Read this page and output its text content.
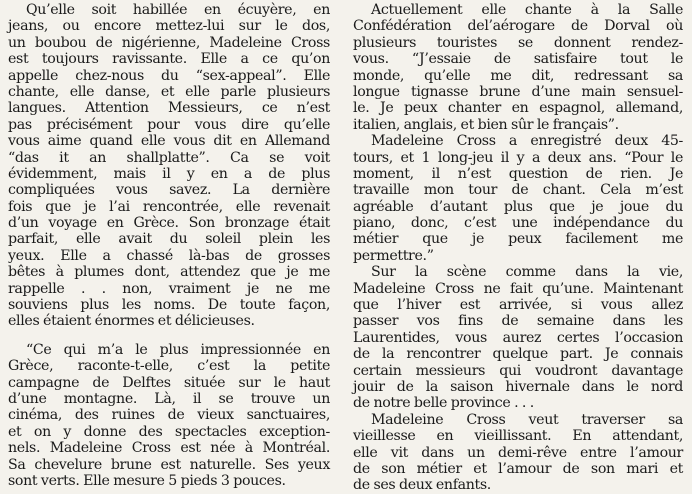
Qu’elle soit habillée en écuyère, en
jeans, ou encore mettez-lui sur le dos,
un boubou de nigérienne, Madeleine Cross
est toujours ravissante. Elle a ce qu’on
appelle chez-nous du “sex-appeal”. Elle
chante, elle danse, et elle parle plusieurs
langues. Attention Messieurs, ce n’est
pas précisément pour vous dire qu’elle
vous aime quand elle vous dit en Allemand
“das it an shallplatte”. Ca se voit
évidemment, mais il y en a de plus
compliquées vous savez. La dernière
fois que je l’ai rencontrée, elle revenait
d’un voyage en Grèce. Son bronzage était
parfait, elle avait du soleil plein les
yeux. Elle a chassé là-bas de grosses
bêtes à plumes dont, attendez que je me
rappelle . . non, vraiment je ne me
souviens plus les noms. De toute façon,
elles étaient énormes et délicieuses.
“Ce qui m’a le plus impressionnée en
Grèce, raconte-t-elle, c’est la petite
campagne de Delftes située sur le haut
d’une montagne. Là, il se trouve un
cinéma, des ruines de vieux sanctuaires,
et on y donne des spectacles exception-
nels. Madeleine Cross est née à Montréal.
Sa chevelure brune est naturelle. Ses yeux
sont verts. Elle mesure 5 pieds 3 pouces.
Actuellement elle chante à la Salle
Confédération del’aérogare de Dorval où
plusieurs touristes se donnent rendez-
vous. “J’essaie de satisfaire tout le
monde, qu’elle me dit, redressant sa
longue tignasse brune d’une main sensuel-
le. Je peux chanter en espagnol, allemand,
italien, anglais, et bien sûr le français”.
Madeleine Cross a enregistré deux 45-
tours, et 1 long-jeu il y a deux ans. “Pour le
moment, il n’est question de rien. Je
travaille mon tour de chant. Cela m’est
agréable d’autant plus que je joue du
piano, donc, c’est une indépendance du
métier que je peux facilement me
permettre.”
Sur la scène comme dans la vie,
Madeleine Cross ne fait qu’une. Maintenant
que l’hiver est arrivée, si vous allez
passer vos fins de semaine dans les
Laurentides, vous aurez certes l’occasion
de la rencontrer quelque part. Je connais
certain messieurs qui voudront davantage
jouir de la saison hivernale dans le nord
de notre belle province . . .
Madeleine Cross veut traverser sa
vieillesse en vieillissant. En attendant,
elle vit dans un demi-rêve entre l’amour
de son métier et l’amour de son mari et
de ses deux enfants.
